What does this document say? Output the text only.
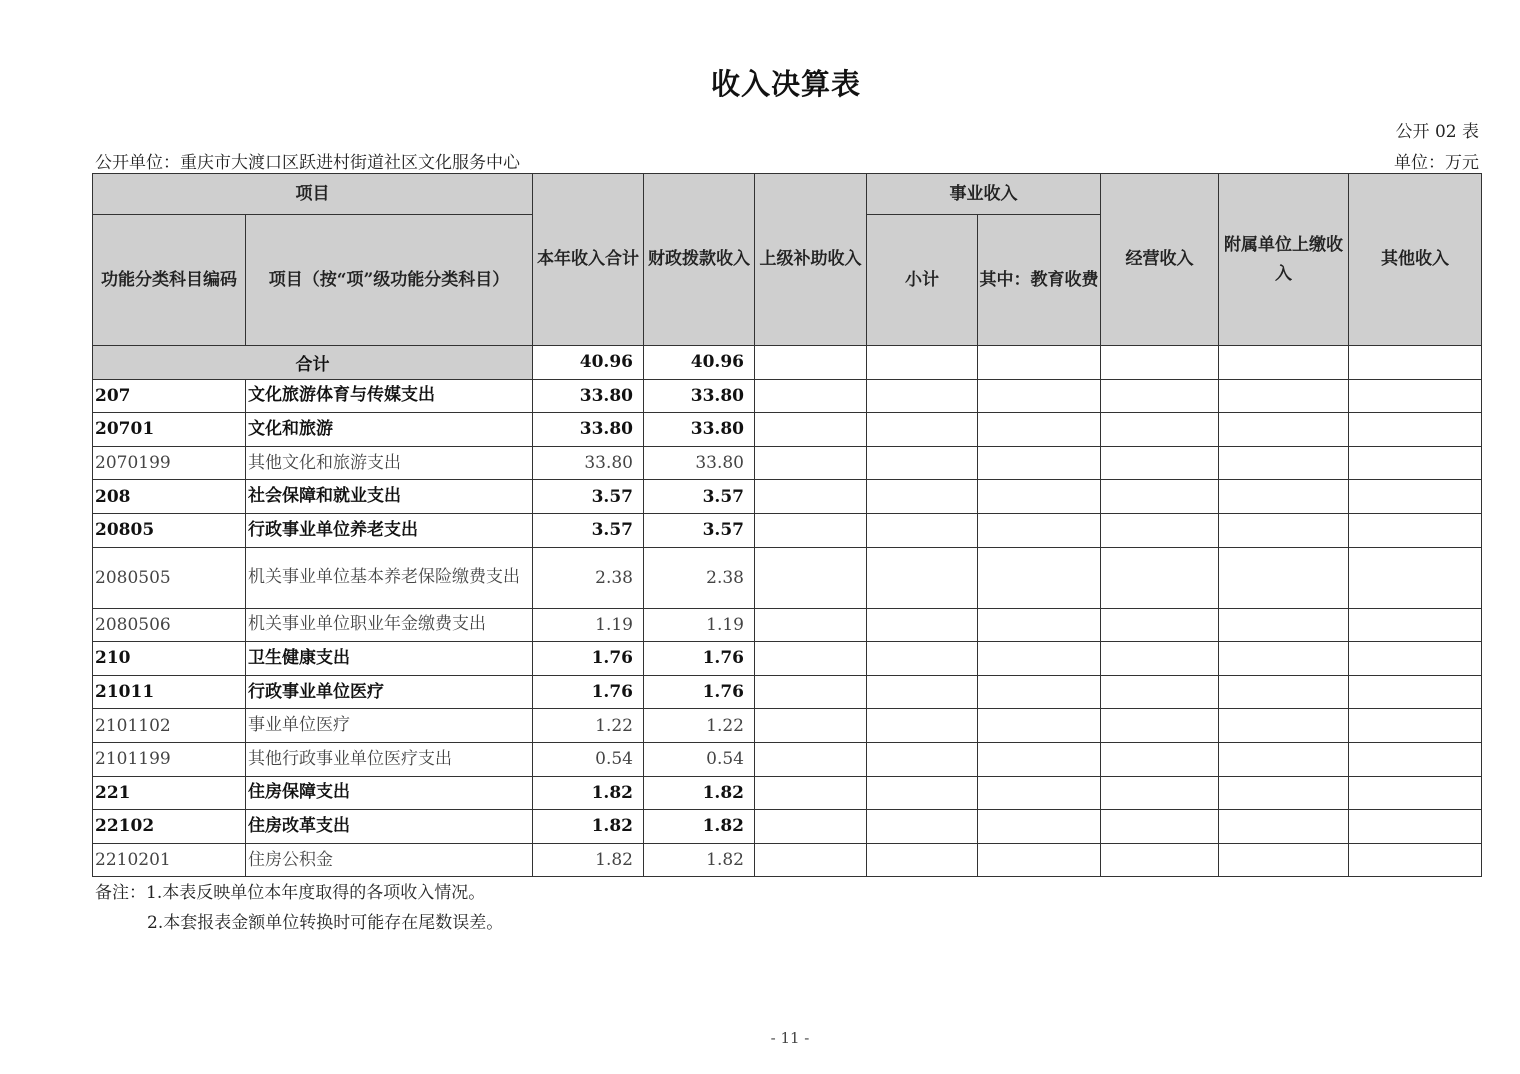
收入决算表
公开 02 表
公开单位：重庆市大渡口区跃进村街道社区文化服务中心	单位：万元
项目		本年收入合计	财政拨款收入	上级补助收入	事业收入		经营收入	附属单位上缴收入	其他收入
功能分类科目编码	项目（按“项”级功能分类科目）				小计	其中：教育收费			
合计		40.96	40.96						
207	文化旅游体育与传媒支出	33.80	33.80						
20701	文化和旅游	33.80	33.80						
2070199	其他文化和旅游支出	33.80	33.80						
208	社会保障和就业支出	3.57	3.57						
20805	行政事业单位养老支出	3.57	3.57						
2080505	机关事业单位基本养老保险缴费支出	2.38	2.38						
2080506	机关事业单位职业年金缴费支出	1.19	1.19						
210	卫生健康支出	1.76	1.76						
21011	行政事业单位医疗	1.76	1.76						
2101102	事业单位医疗	1.22	1.22						
2101199	其他行政事业单位医疗支出	0.54	0.54						
221	住房保障支出	1.82	1.82						
22102	住房改革支出	1.82	1.82						
2210201	住房公积金	1.82	1.82						
备注：1.本表反映单位本年度取得的各项收入情况。
2.本套报表金额单位转换时可能存在尾数误差。
- 11 -
